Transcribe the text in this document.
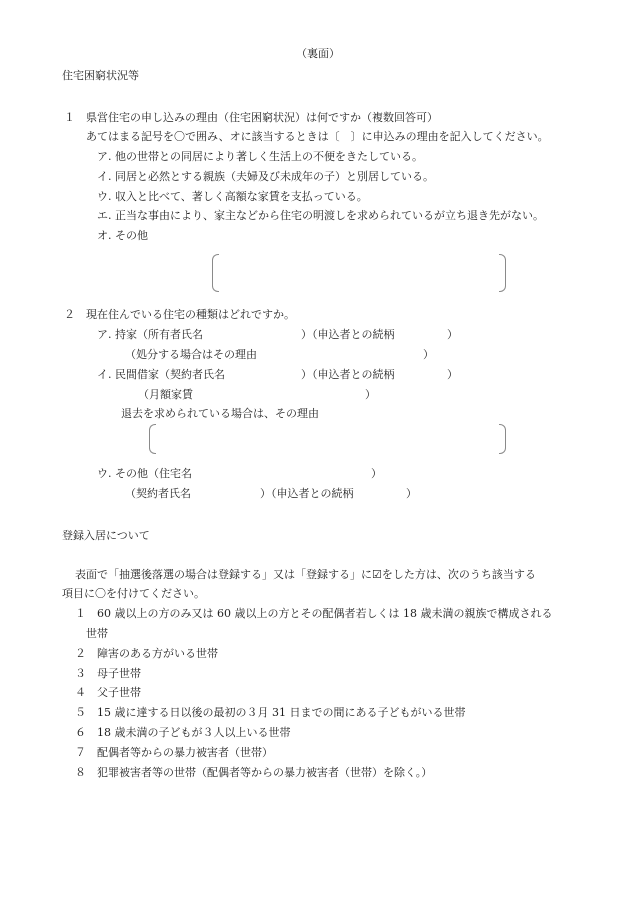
（裏面）
住宅困窮状況等
１ 県営住宅の申し込みの理由（住宅困窮状況）は何ですか（複数回答可）
あてはまる記号を〇で囲み、オに該当するときは〔　〕に申込みの理由を記入してください。
ア. 他の世帯との同居により著しく生活上の不便をきたしている。
イ. 同居と必然とする親族（夫婦及び未成年の子）と別居している。
ウ. 収入と比べて、著しく高額な家賃を支払っている。
エ. 正当な事由により、家主などから住宅の明渡しを求められているが立ち退き先がない。
オ. その他
２ 現在住んでいる住宅の種類はどれですか。
ア. 持家（所有者氏名	）（申込者との続柄	）
（処分する場合はその理由	）
イ. 民間借家（契約者氏名	）（申込者との続柄	）
（月額家賃	）
退去を求められている場合は、その理由
ウ. その他（住宅名	）
（契約者氏名	）（申込者との続柄	）
登録入居について
表面で「抽選後落選の場合は登録する」又は「登録する」に☑をした方は、次のうち該当する
項目に〇を付けてください。
１ 60 歳以上の方のみ又は 60 歳以上の方とその配偶者若しくは 18 歳未満の親族で構成される
世帯
２ 障害のある方がいる世帯
３ 母子世帯
４ 父子世帯
５ 15 歳に達する日以後の最初の３月 31 日までの間にある子どもがいる世帯
６ 18 歳未満の子どもが３人以上いる世帯
７ 配偶者等からの暴力被害者（世帯）
８ 犯罪被害者等の世帯（配偶者等からの暴力被害者（世帯）を除く。）
